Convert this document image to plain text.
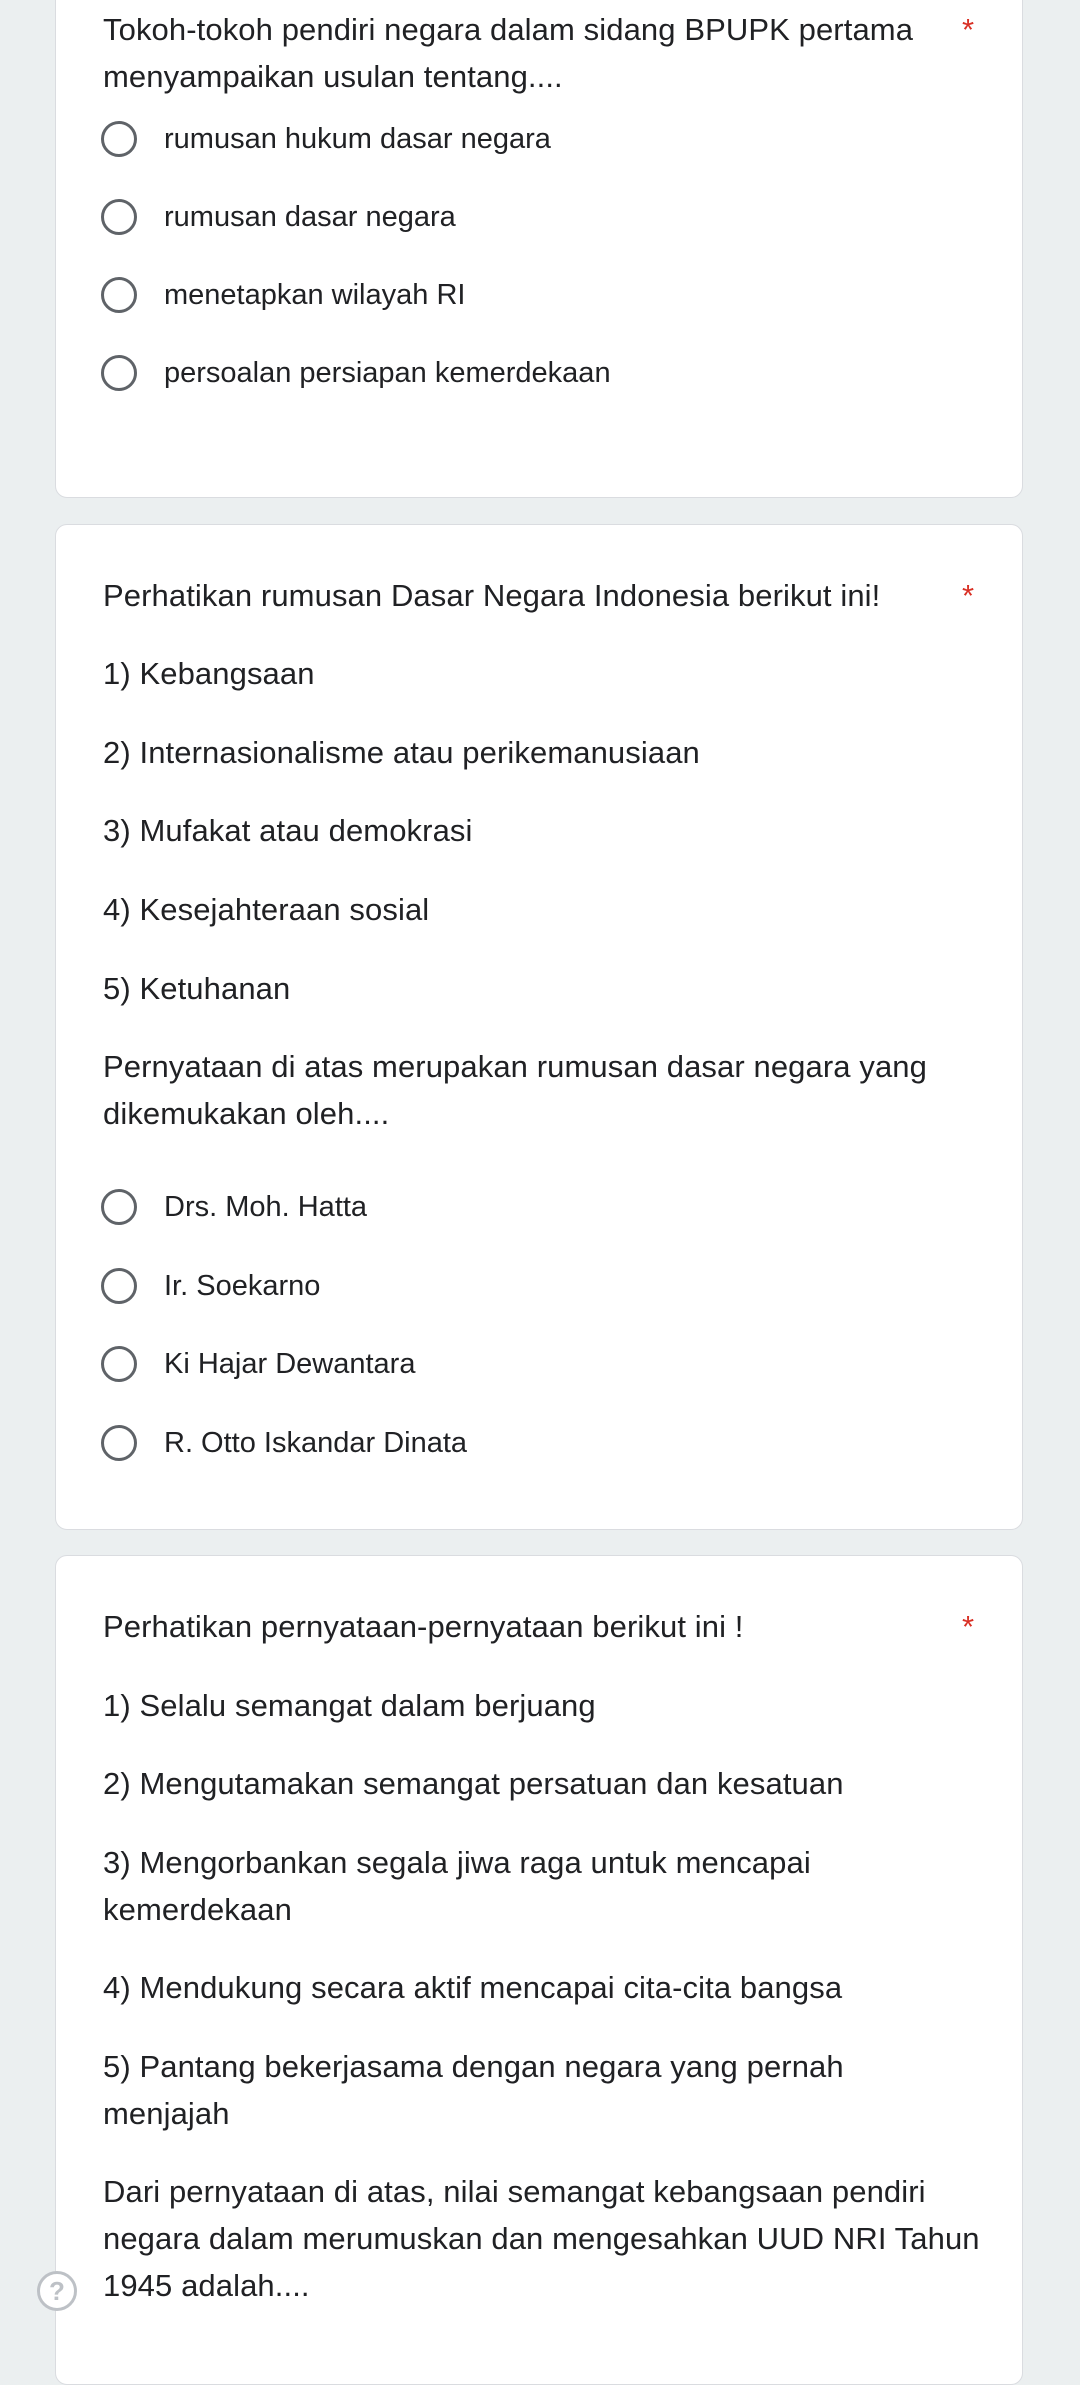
Tokoh-tokoh pendiri negara dalam sidang BPUPK pertama menyampaikan usulan tentang....
*
rumusan hukum dasar negara
rumusan dasar negara
menetapkan wilayah RI
persoalan persiapan kemerdekaan
Perhatikan rumusan Dasar Negara Indonesia berikut ini!	*
1) Kebangsaan
2) Internasionalisme atau perikemanusiaan
3) Mufakat atau demokrasi
4) Kesejahteraan sosial
5) Ketuhanan
Pernyataan di atas merupakan rumusan dasar negara yang dikemukakan oleh....
Drs. Moh. Hatta
Ir. Soekarno
Ki Hajar Dewantara
R. Otto Iskandar Dinata
Perhatikan pernyataan-pernyataan berikut ini !	*
1) Selalu semangat dalam berjuang
2) Mengutamakan semangat persatuan dan kesatuan
3) Mengorbankan segala jiwa raga untuk mencapai kemerdekaan
4) Mendukung secara aktif mencapai cita-cita bangsa
5) Pantang bekerjasama dengan negara yang pernah menjajah
Dari pernyataan di atas, nilai semangat kebangsaan pendiri negara dalam merumuskan dan mengesahkan UUD NRI Tahun 1945 adalah....
?
